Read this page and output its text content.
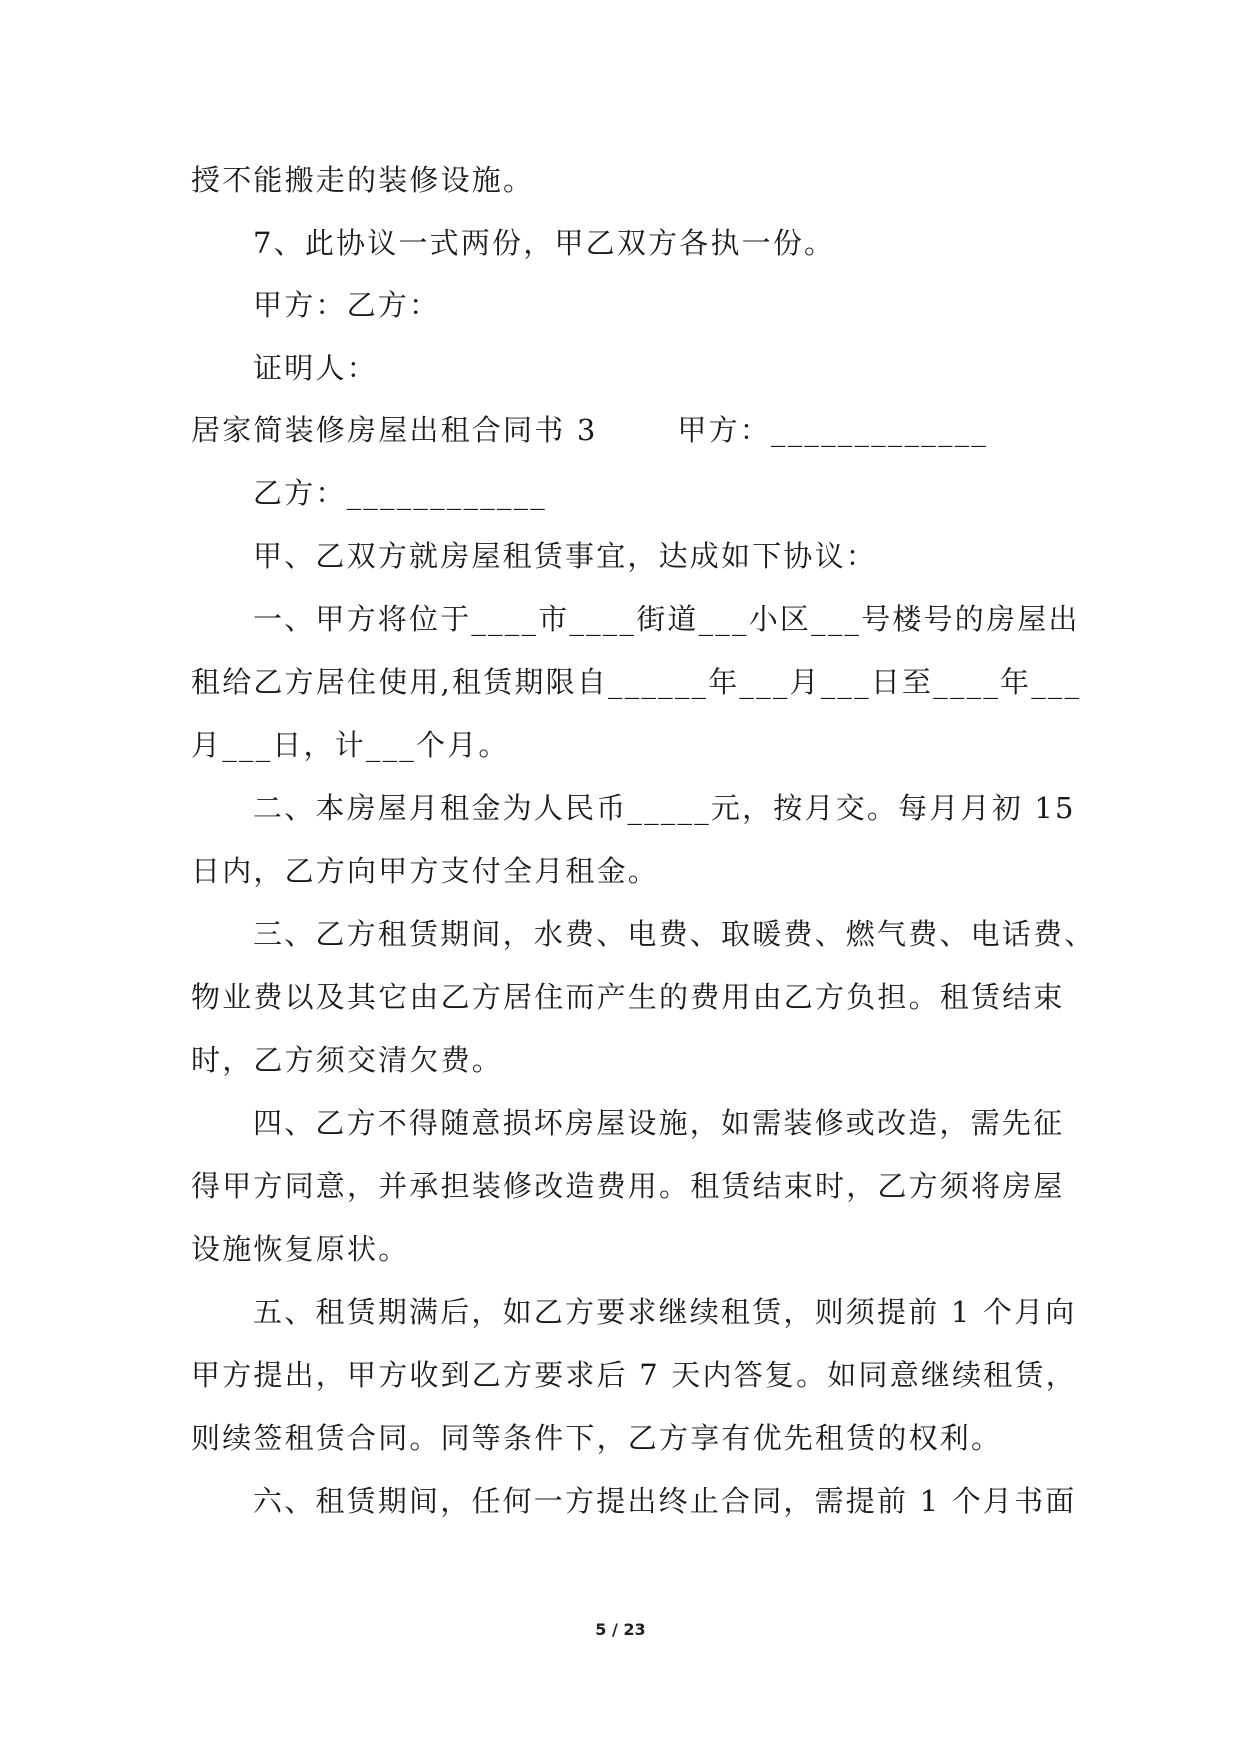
授不能搬走的装修设施。
7、此协议一式两份，甲乙双方各执一份。
甲方：乙方：
证明人：
居家简装修房屋出租合同书 3       甲方：_____________
乙方：____________
甲、乙双方就房屋租赁事宜，达成如下协议：
一、甲方将位于____市____街道___小区___号楼号的房屋出
租给乙方居住使用,租赁期限自______年___月___日至____年___
月___日，计___个月。
二、本房屋月租金为人民币_____元，按月交。每月月初 15
日内，乙方向甲方支付全月租金。
三、乙方租赁期间，水费、电费、取暖费、燃气费、电话费、
物业费以及其它由乙方居住而产生的费用由乙方负担。租赁结束
时，乙方须交清欠费。
四、乙方不得随意损坏房屋设施，如需装修或改造，需先征
得甲方同意，并承担装修改造费用。租赁结束时，乙方须将房屋
设施恢复原状。
五、租赁期满后，如乙方要求继续租赁，则须提前 1 个月向
甲方提出，甲方收到乙方要求后 7 天内答复。如同意继续租赁，
则续签租赁合同。同等条件下，乙方享有优先租赁的权利。
六、租赁期间，任何一方提出终止合同，需提前 1 个月书面
5 / 23
